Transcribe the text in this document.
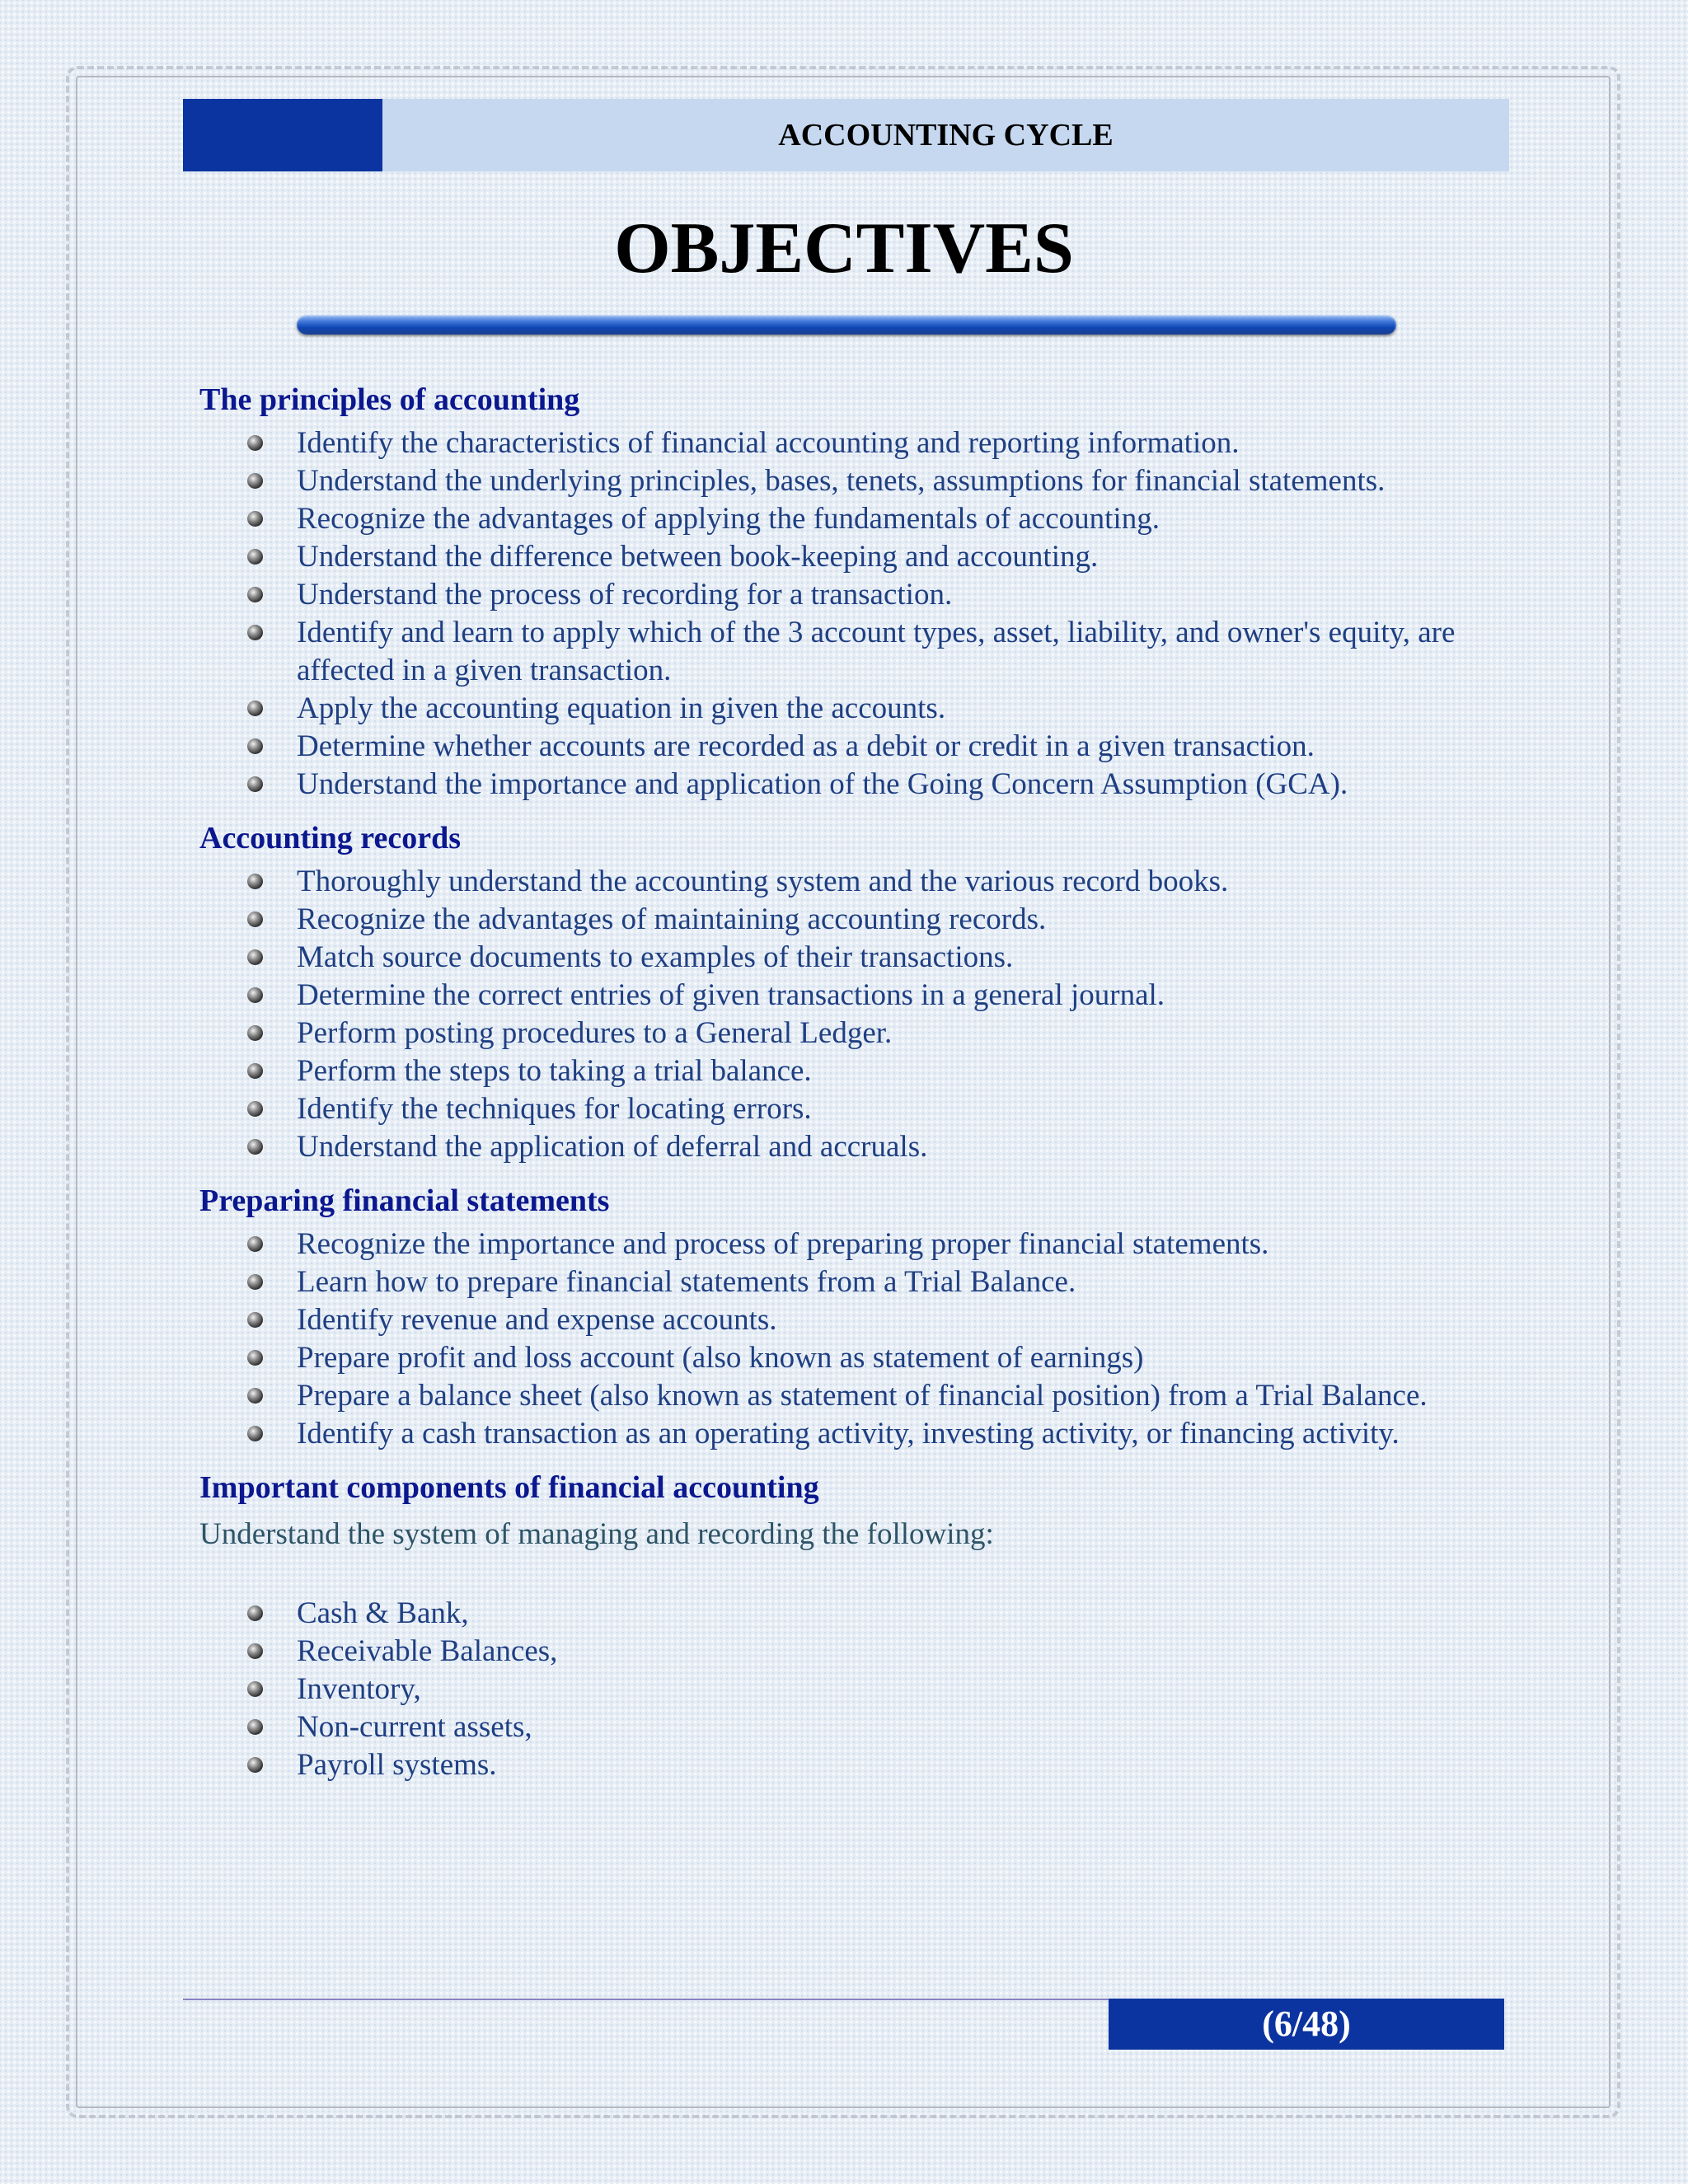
ACCOUNTING CYCLE
OBJECTIVES
The principles of accounting
Identify the characteristics of financial accounting and reporting information.
Understand the underlying principles, bases, tenets, assumptions for financial statements.
Recognize the advantages of applying the fundamentals of accounting.
Understand the difference between book-keeping and accounting.
Understand the process of recording for a transaction.
Identify and learn to apply which of the 3 account types, asset, liability, and owner's equity, are affected in a given transaction.
Apply the accounting equation in given the accounts.
Determine whether accounts are recorded as a debit or credit in a given transaction.
Understand the importance and application of the Going Concern Assumption (GCA).
Accounting records
Thoroughly understand the accounting system and the various record books.
Recognize the advantages of maintaining accounting records.
Match source documents to examples of their transactions.
Determine the correct entries of given transactions in a general journal.
Perform posting procedures to a General Ledger.
Perform the steps to taking a trial balance.
Identify the techniques for locating errors.
Understand the application of deferral and accruals.
Preparing financial statements
Recognize the importance and process of preparing proper financial statements.
Learn how to prepare financial statements from a Trial Balance.
Identify revenue and expense accounts.
Prepare profit and loss account (also known as statement of earnings)
Prepare a balance sheet (also known as statement of financial position) from a Trial Balance.
Identify a cash transaction as an operating activity, investing activity, or financing activity.
Important components of financial accounting

Understand the system of managing and recording the following:

Cash & Bank,
Receivable Balances,
Inventory,
Non-current assets,
Payroll systems.
(6/48)
